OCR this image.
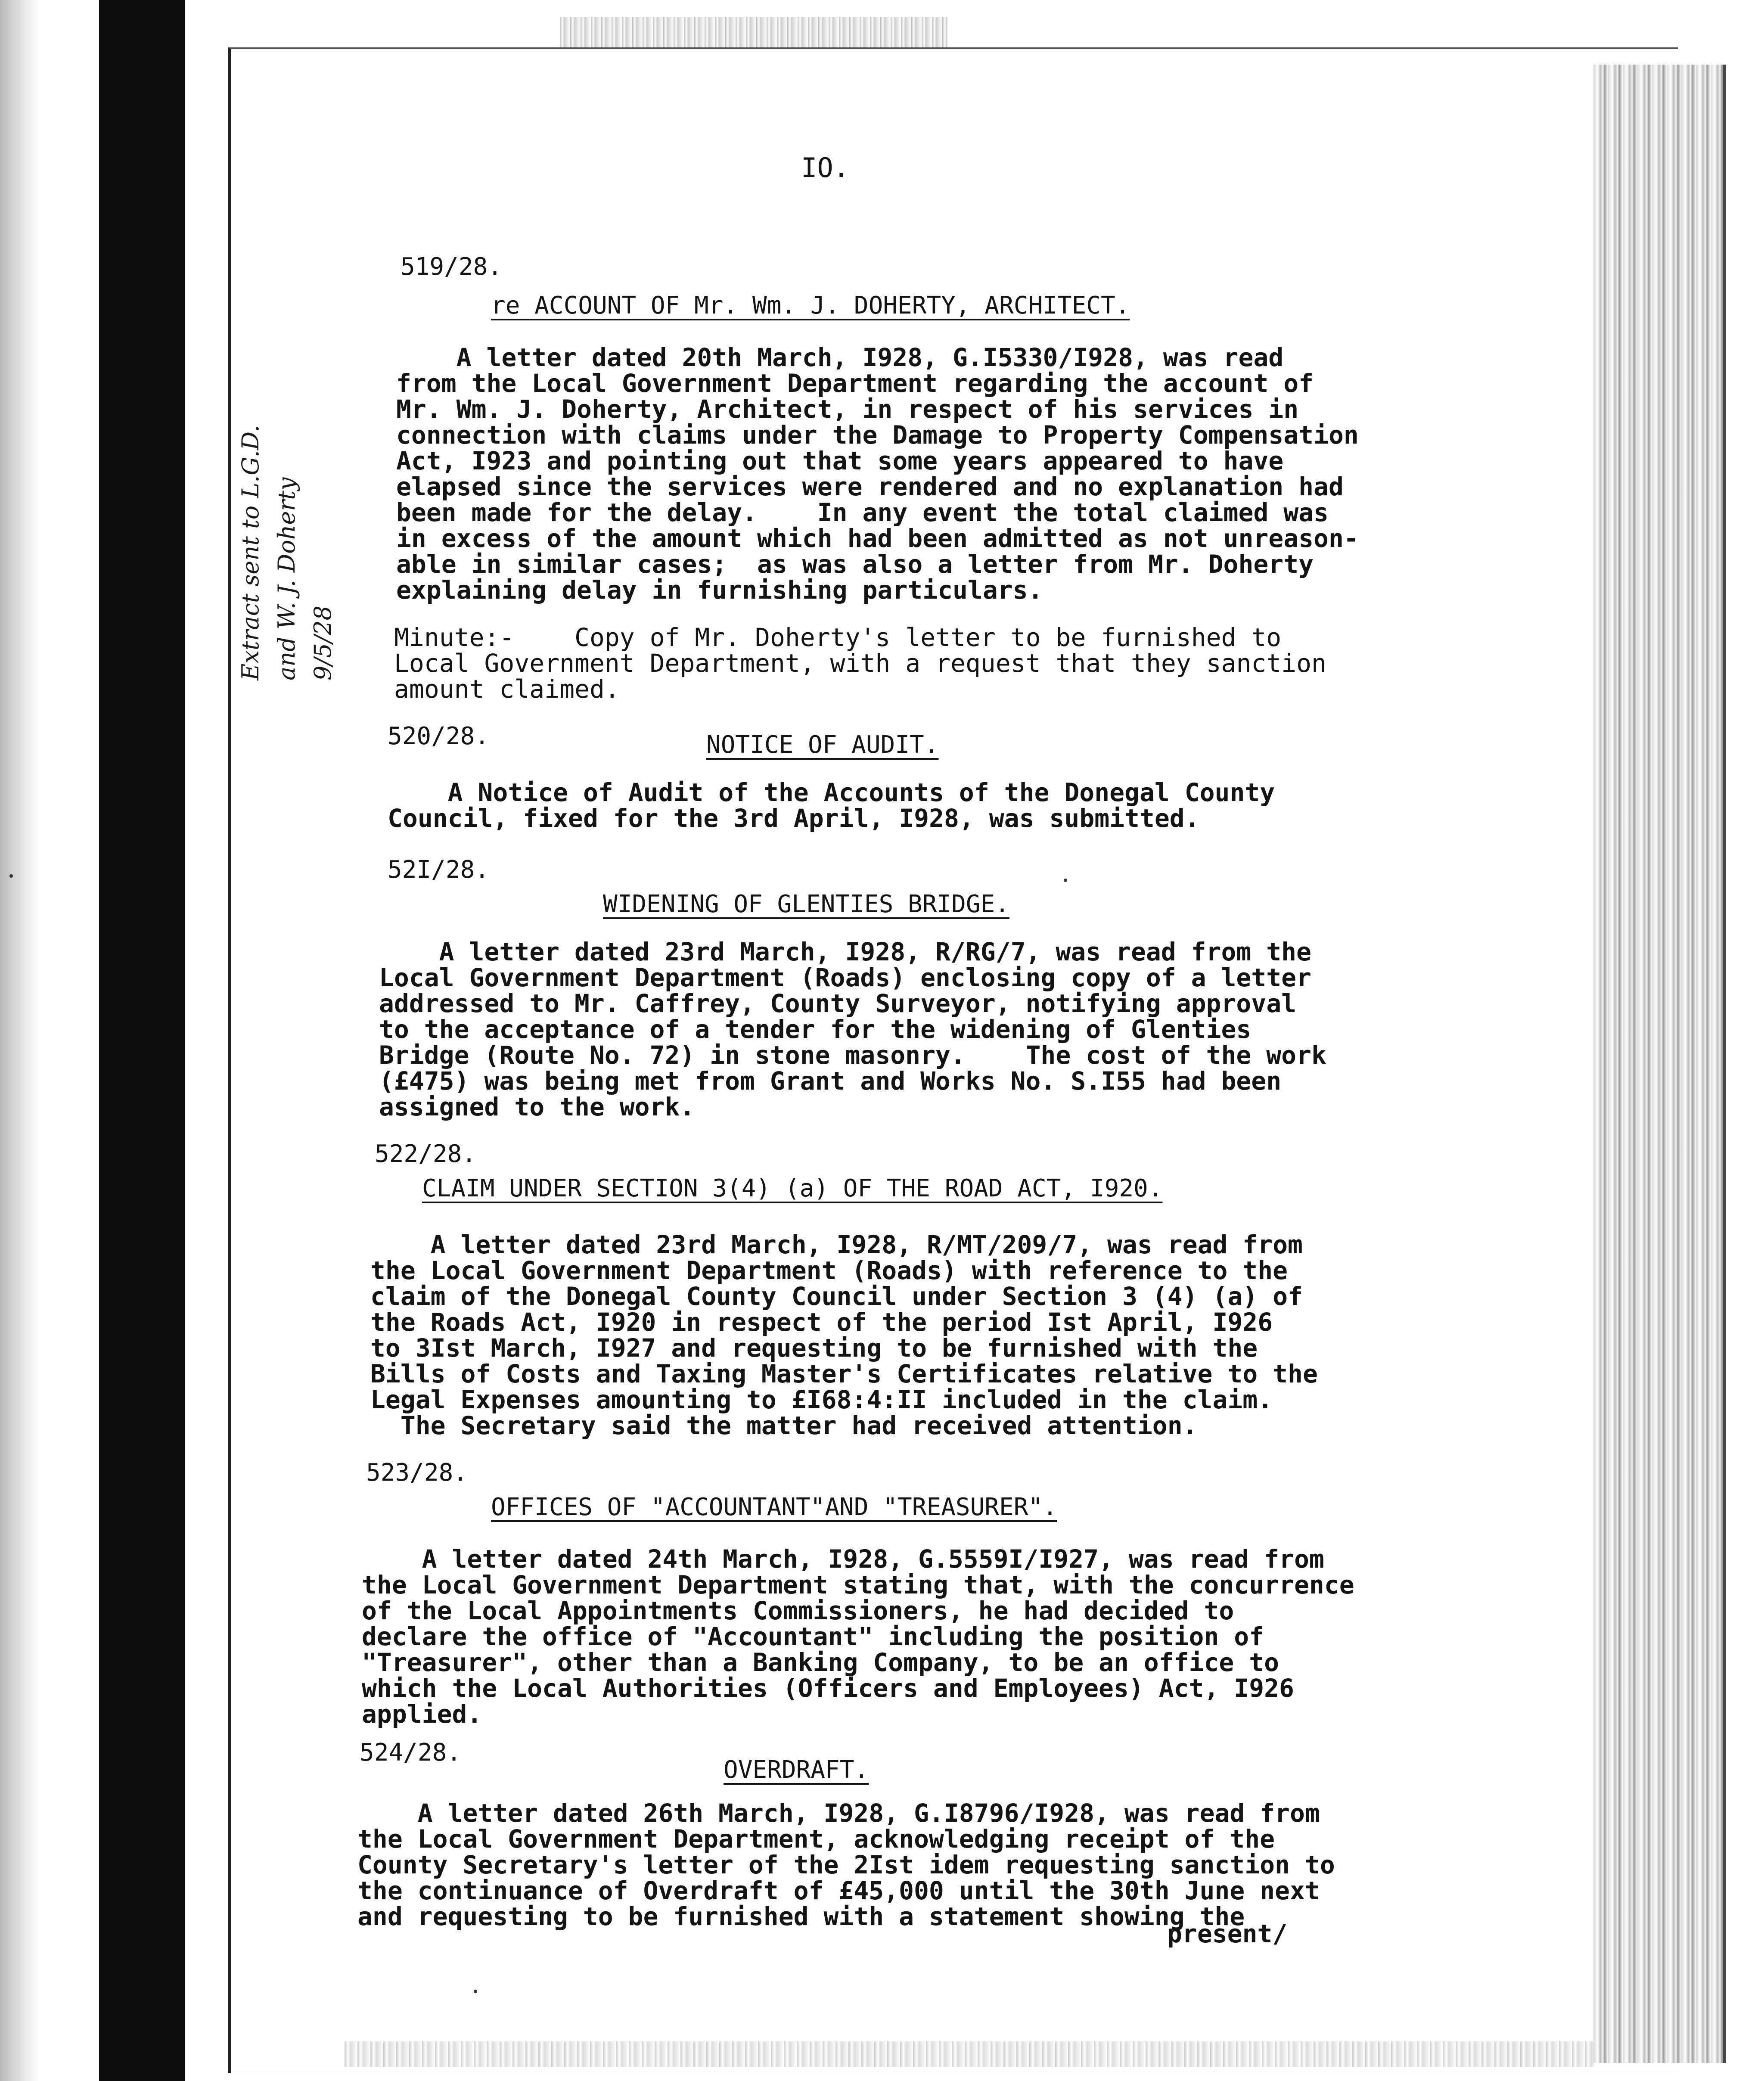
IO.
Extract sent to L.G.D. and W. J. Doherty 9/5/28
519/28.
re ACCOUNT OF Mr. Wm. J. DOHERTY, ARCHITECT.
A letter dated 20th March, I928, G.I5330/I928, was read
from the Local Government Department regarding the account of
Mr. Wm. J. Doherty, Architect, in respect of his services in
connection with claims under the Damage to Property Compensation
Act, I923 and pointing out that some years appeared to have
elapsed since the services were rendered and no explanation had
been made for the delay.    In any event the total claimed was
in excess of the amount which had been admitted as not unreason-
able in similar cases;  as was also a letter from Mr. Doherty
explaining delay in furnishing particulars.
Minute:-    Copy of Mr. Doherty's letter to be furnished to
Local Government Department, with a request that they sanction
amount claimed.
520/28.	NOTICE OF AUDIT.
A Notice of Audit of the Accounts of the Donegal County
Council, fixed for the 3rd April, I928, was submitted.
52I/28.
WIDENING OF GLENTIES BRIDGE.
A letter dated 23rd March, I928, R/RG/7, was read from the
Local Government Department (Roads) enclosing copy of a letter
addressed to Mr. Caffrey, County Surveyor, notifying approval
to the acceptance of a tender for the widening of Glenties
Bridge (Route No. 72) in stone masonry.    The cost of the work
(£475) was being met from Grant and Works No. S.I55 had been
assigned to the work.
522/28.
CLAIM UNDER SECTION 3(4) (a) OF THE ROAD ACT, I920.
A letter dated 23rd March, I928, R/MT/209/7, was read from
the Local Government Department (Roads) with reference to the
claim of the Donegal County Council under Section 3 (4) (a) of
the Roads Act, I920 in respect of the period Ist April, I926
to 3Ist March, I927 and requesting to be furnished with the
Bills of Costs and Taxing Master's Certificates relative to the
Legal Expenses amounting to £I68:4:II included in the claim.
The Secretary said the matter had received attention.
523/28.
OFFICES OF "ACCOUNTANT"AND "TREASURER".
A letter dated 24th March, I928, G.5559I/I927, was read from
the Local Government Department stating that, with the concurrence
of the Local Appointments Commissioners, he had decided to
declare the office of "Accountant" including the position of
"Treasurer", other than a Banking Company, to be an office to
which the Local Authorities (Officers and Employees) Act, I926
applied.
524/28.
OVERDRAFT.
A letter dated 26th March, I928, G.I8796/I928, was read from
the Local Government Department, acknowledging receipt of the
County Secretary's letter of the 2Ist idem requesting sanction to
the continuance of Overdraft of £45,000 until the 30th June next
and requesting to be furnished with a statement showing the
present/
